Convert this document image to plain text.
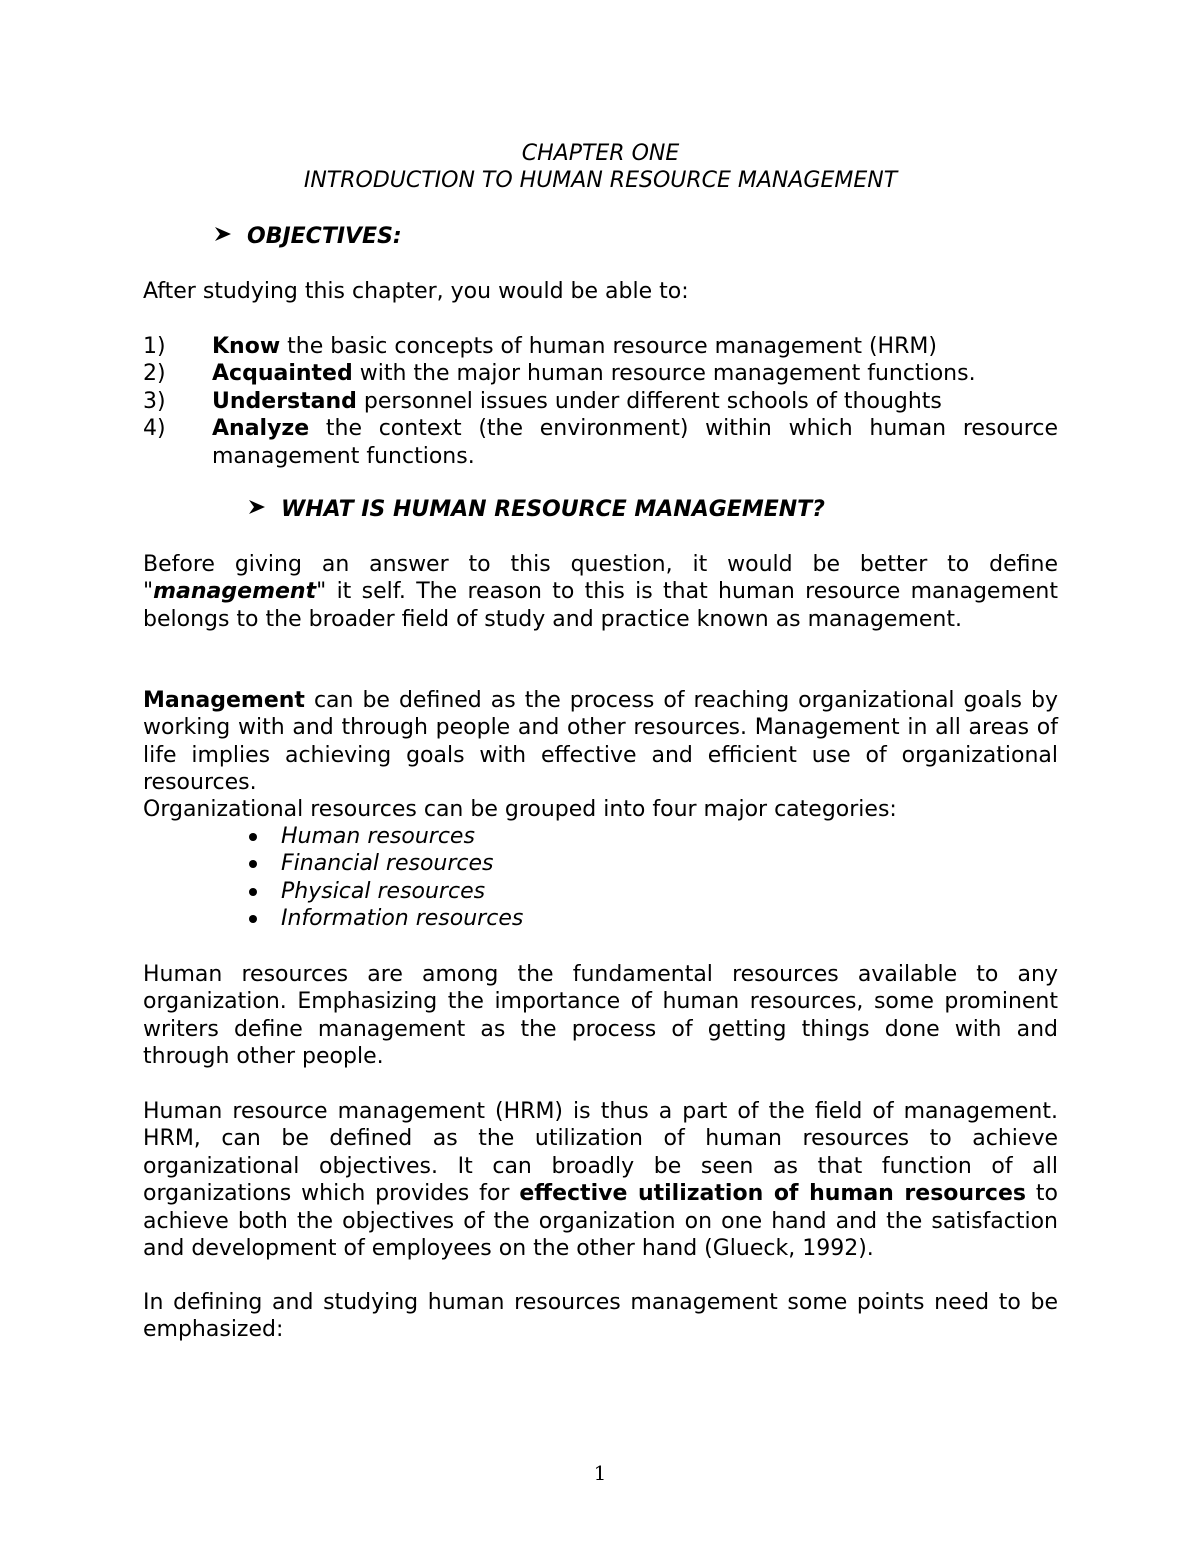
CHAPTER ONE
INTRODUCTION TO HUMAN RESOURCE MANAGEMENT
OBJECTIVES:
After studying this chapter, you would be able to:
1) Know the basic concepts of human resource management (HRM)
2) Acquainted with the major human resource management functions.
3) Understand personnel issues under different schools of thoughts
4) Analyze the context (the environment) within which human resource management functions.
WHAT IS HUMAN RESOURCE MANAGEMENT?
Before giving an answer to this question, it would be better to define "management" it self. The reason to this is that human resource management belongs to the broader field of study and practice known as management.
Management can be defined as the process of reaching organizational goals by working with and through people and other resources. Management in all areas of life implies achieving goals with effective and efficient use of organizational resources.
Organizational resources can be grouped into four major categories:
Human resources
Financial resources
Physical resources
Information resources
Human resources are among the fundamental resources available to any organization. Emphasizing the importance of human resources, some prominent writers define management as the process of getting things done with and through other people.
Human resource management (HRM) is thus a part of the field of management. HRM, can be defined as the utilization of human resources to achieve organizational objectives. It can broadly be seen as that function of all organizations which provides for effective utilization of human resources to achieve both the objectives of the organization on one hand and the satisfaction and development of employees on the other hand (Glueck, 1992).
In defining and studying human resources management some points need to be emphasized:
1
